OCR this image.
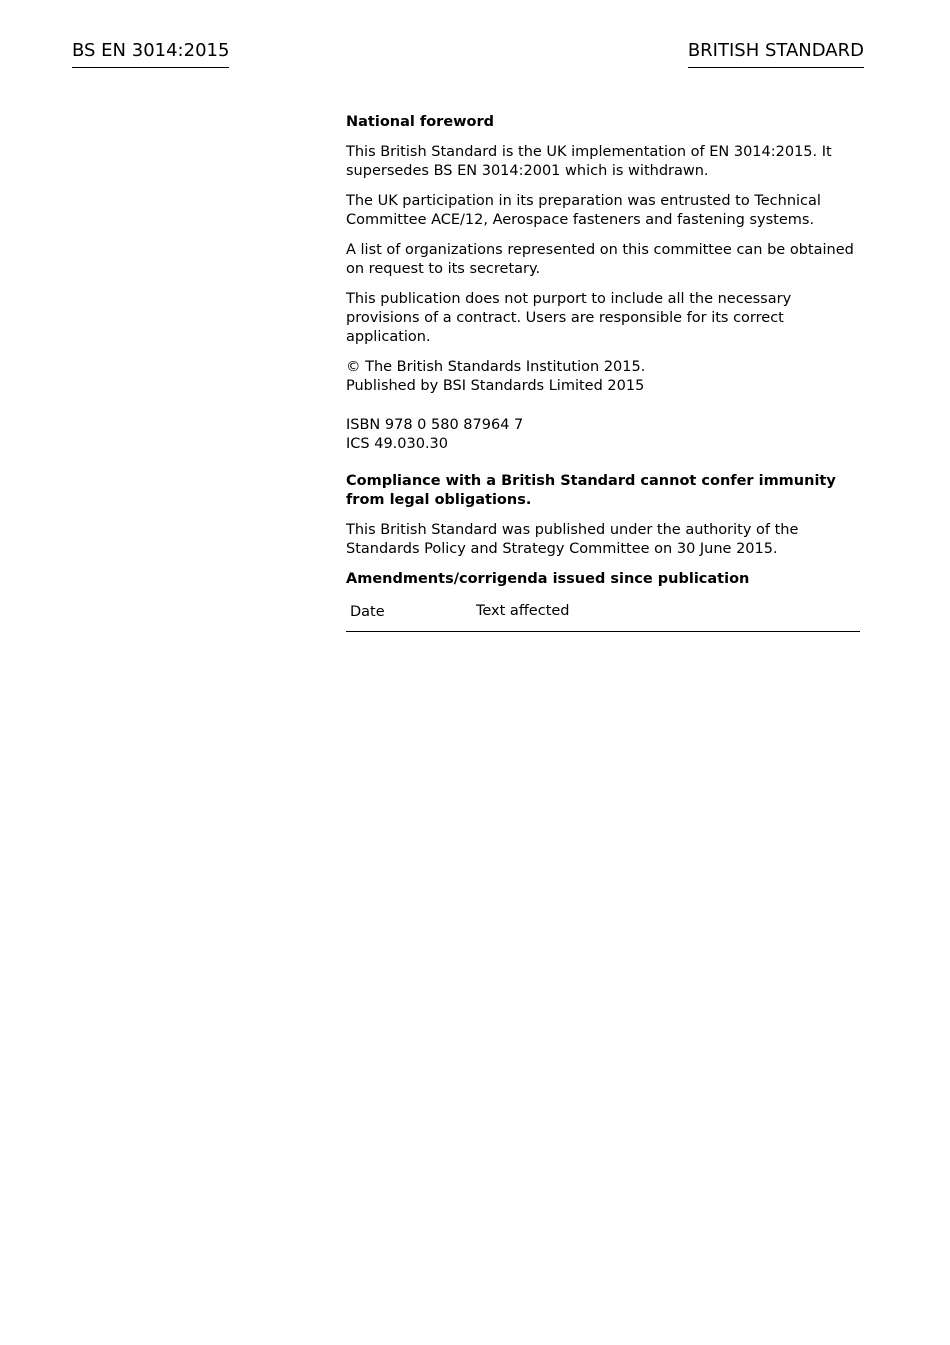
BS EN 3014:2015	BRITISH STANDARD

National foreword

This British Standard is the UK implementation of EN 3014:2015. It supersedes BS EN 3014:2001 which is withdrawn.

The UK participation in its preparation was entrusted to Technical Committee ACE/12, Aerospace fasteners and fastening systems.

A list of organizations represented on this committee can be obtained on request to its secretary.

This publication does not purport to include all the necessary provisions of a contract. Users are responsible for its correct application.

© The British Standards Institution 2015.
Published by BSI Standards Limited 2015

ISBN 978 0 580 87964 7
ICS 49.030.30

Compliance with a British Standard cannot confer immunity from legal obligations.

This British Standard was published under the authority of the Standards Policy and Strategy Committee on 30 June 2015.

Amendments/corrigenda issued since publication

Date	Text affected
